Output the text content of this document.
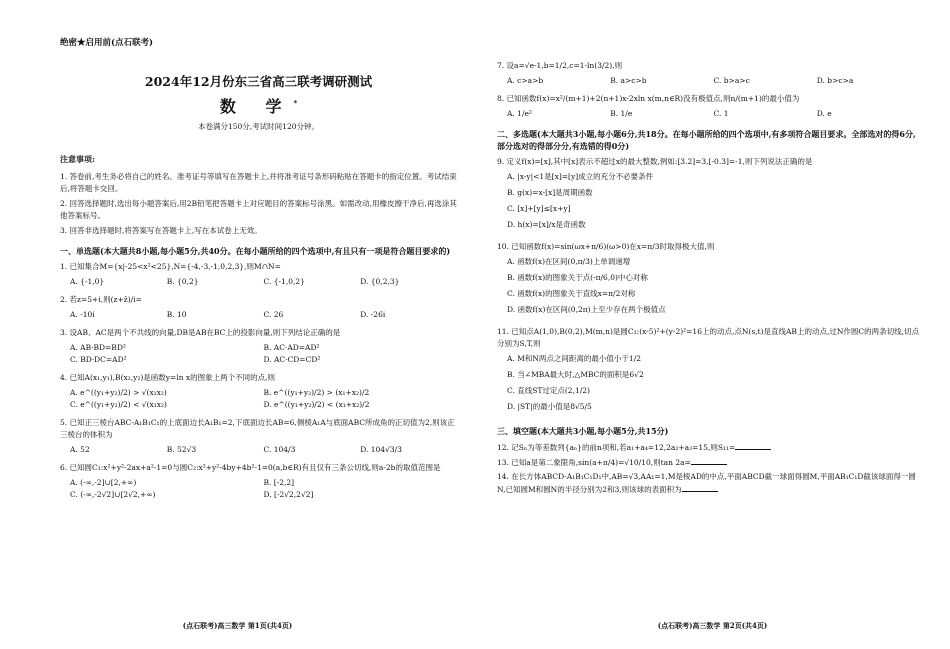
绝密★启用前(点石联考)
2024年12月份东三省高三联考调研测试
数 学*
本卷满分150分,考试时间120分钟。
注意事项:
1. 答卷前,考生务必将自己的姓名、准考证号等填写在答题卡上,并将准考证号条形码粘贴在答题卡的指定位置。考试结束后,将答题卡交回。
2. 回答选择题时,选出每小题答案后,用2B铅笔把答题卡上对应题目的答案标号涂黑。如需改动,用橡皮擦干净后,再选涂其他答案标号。
3. 回答非选择题时,将答案写在答题卡上,写在本试卷上无效。
一、单选题(本大题共8小题,每小题5分,共40分。在每小题所给的四个选项中,有且只有一项是符合题目要求的)
1. 已知集合M={x|-25<x²<25},N={-4,-3,-1,0,2,3},则M∩N=
A. {-1,0}	B. {0,2}	C. {-1,0,2}	D. {0,2,3}
2. 若z=5+i,则(z+z̄)/i=
A. -10i	B. 10	C. 26	D. -26i
3. 设AB、AC是两个不共线的向量,DB是AB在BC上的投影向量,则下列结论正确的是
A. AB·BD=BD²	B. AC·AD=AD²
C. BD·DC=AD²	D. AC·CD=CD²
4. 已知A(x₁,y₁),B(x₂,y₂)是函数y=ln x的图象上两个不同的点,则
A. e^((y₁+y₂)/2) > √(x₁x₂)	B. e^((y₁+y₂)/2) > (x₁+x₂)/2
C. e^((y₁+y₂)/2) < √(x₁x₂)	D. e^((y₁+y₂)/2) < (x₁+x₂)/2
5. 已知正三棱台ABC-A₁B₁C₁的上底面边长A₁B₁=2,下底面边长AB=6,侧棱A₁A与底面ABC所成角的正切值为2,则该正三棱台的体积为
A. 52	B. 52√3	C. 104/3	D. 104√3/3
6. 已知圆C₁:x²+y²-2ax+a²-1=0与圆C₂:x²+y²-4by+4b²-1=0(a,b∈R)有且仅有三条公切线,则a-2b的取值范围是
A. (-∞,-2]∪[2,+∞)	B. [-2,2]
C. (-∞,-2√2]∪[2√2,+∞)	D. [-2√2,2√2]
(点石联考)高三数学 第1页(共4页)
7. 设a=√e-1,b=1/2,c=1-ln(3/2),则
A. c>a>b	B. a>c>b	C. b>a>c	D. b>c>a
8. 已知函数f(x)=x²/(m+1)+2(n+1)x-2xln x(m,n∈R)没有极值点,则n/(m+1)的最小值为
A. 1/e²	B. 1/e	C. 1	D. e
二、多选题(本大题共3小题,每小题6分,共18分。在每小题所给的四个选项中,有多项符合题目要求。全部选对的得6分,部分选对的得部分分,有选错的得0分)
9. 定义f(x)=[x],其中[x]表示不超过x的最大整数,例如:[3.2]=3,[-0.3]=-1,则下列说法正确的是
A. |x-y|<1是[x]=[y]成立的充分不必要条件
B. g(x)=x-[x]是周期函数
C. [x]+[y]≤[x+y]
D. h(x)=[x]/x是奇函数
10. 已知函数f(x)=sin(ωx+π/6)(ω>0)在x=π/3时取得极大值,则
A. 函数f(x)在区间(0,π/3)上单调递增
B. 函数f(x)的图象关于点(-π/6,0)中心对称
C. 函数f(x)的图象关于直线x=π/2对称
D. 函数f(x)在区间(0,2π)上至少存在两个极值点
11. 已知点A(1,0),B(0,2),M(m,n)是圆C₁:(x-5)²+(y-2)²=16上的动点,点N(s,t)是直线AB上的动点,过N作圆C的两条切线,切点分别为S,T,则
A. M和N两点之间距离的最小值小于1/2
B. 当∠MBA最大时,△MBC的面积是6√2
C. 直线ST过定点(2,1/2)
D. |ST|的最小值是8√5/5
三、填空题(本大题共3小题,每小题5分,共15分)
12. 记Sₙ为等差数列{aₙ}的前n项和,若a₁+a₄=12,2a₂+a₃=15,则S₁₁=
13. 已知a是第二象限角,sin(a+π/4)=√10/10,则tan 2a=
14. 在长方体ABCD-A₁B₁C₁D₁中,AB=√3,AA₁=1,M是棱AD的中点,平面ABCD截一球面得圆M,平面AB₁C₁D截该球面得一圆N,已知圆M和圆N的半径分别为2和3,则该球的表面积为
(点石联考)高三数学 第2页(共4页)
